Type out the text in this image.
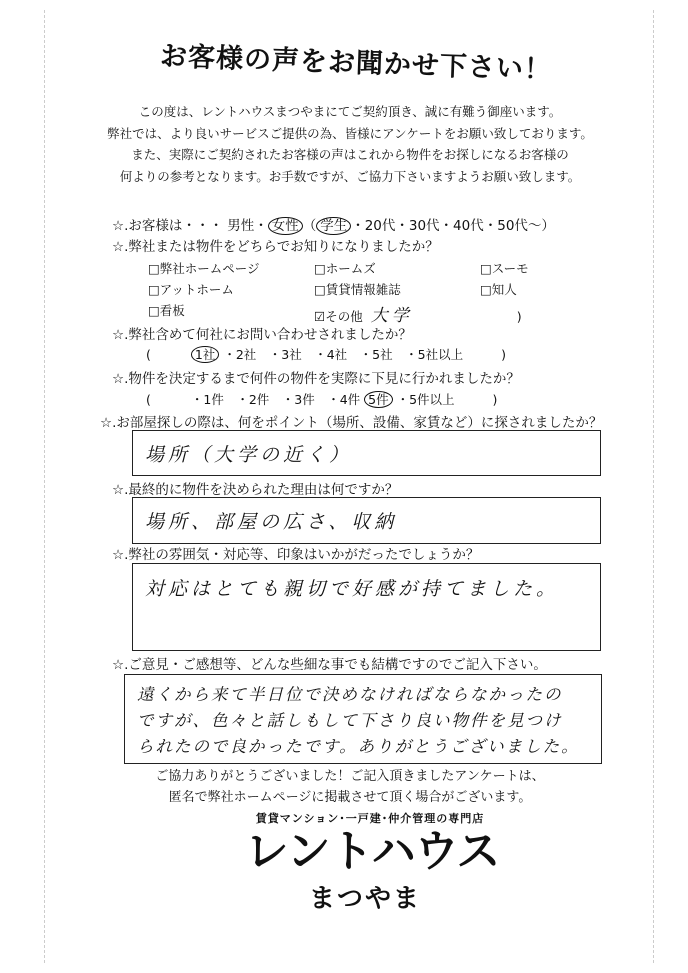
お客様の声をお聞かせ下さい！
この度は、レントハウスまつやまにてご契約頂き、誠に有難う御座います。
弊社では、より良いサービスご提供の為、皆様にアンケートをお願い致しております。
また、実際にご契約されたお客様の声はこれから物件をお探しになるお客様の
何よりの参考となります。お手数ですが、ご協力下さいますようお願い致します。
☆.お客様は・・・ 男性・ 女性 （ 学生 ・20代・30代・40代・50代～）
☆.弊社または物件をどちらでお知りになりましたか？
□弊社ホームページ	□ホームズ	□スーモ
□アットホーム	□賃貸情報雑誌	□知人
□看板	☑その他 大学	)
☆.弊社含めて何社にお問い合わせされましたか？
(	1社 ・2社　・3社　・4社　・5社　・5社以上	)
☆.物件を決定するまで何件の物件を実際に下見に行かれましたか？
(	・1件　・2件　・3件　・4件 5件 ・5件以上	)
☆.お部屋探しの際は、何をポイント（場所、設備、家賃など）に探されましたか？
場所（大学の近く）
☆.最終的に物件を決められた理由は何ですか？
場所、部屋の広さ、収納
☆.弊社の雰囲気・対応等、印象はいかがだったでしょうか？
対応はとても親切で好感が持てました。
☆.ご意見・ご感想等、どんな些細な事でも結構ですのでご記入下さい。
遠くから来て半日位で決めなければならなかったの
ですが、色々と話しもして下さり良い物件を見つけ
られたので良かったです。ありがとうございました。
ご協力ありがとうございました！ご記入頂きましたアンケートは、
匿名で弊社ホームページに掲載させて頂く場合がございます。
賃貸マンション･一戸建･仲介管理の専門店
レントハウス
まつやま
